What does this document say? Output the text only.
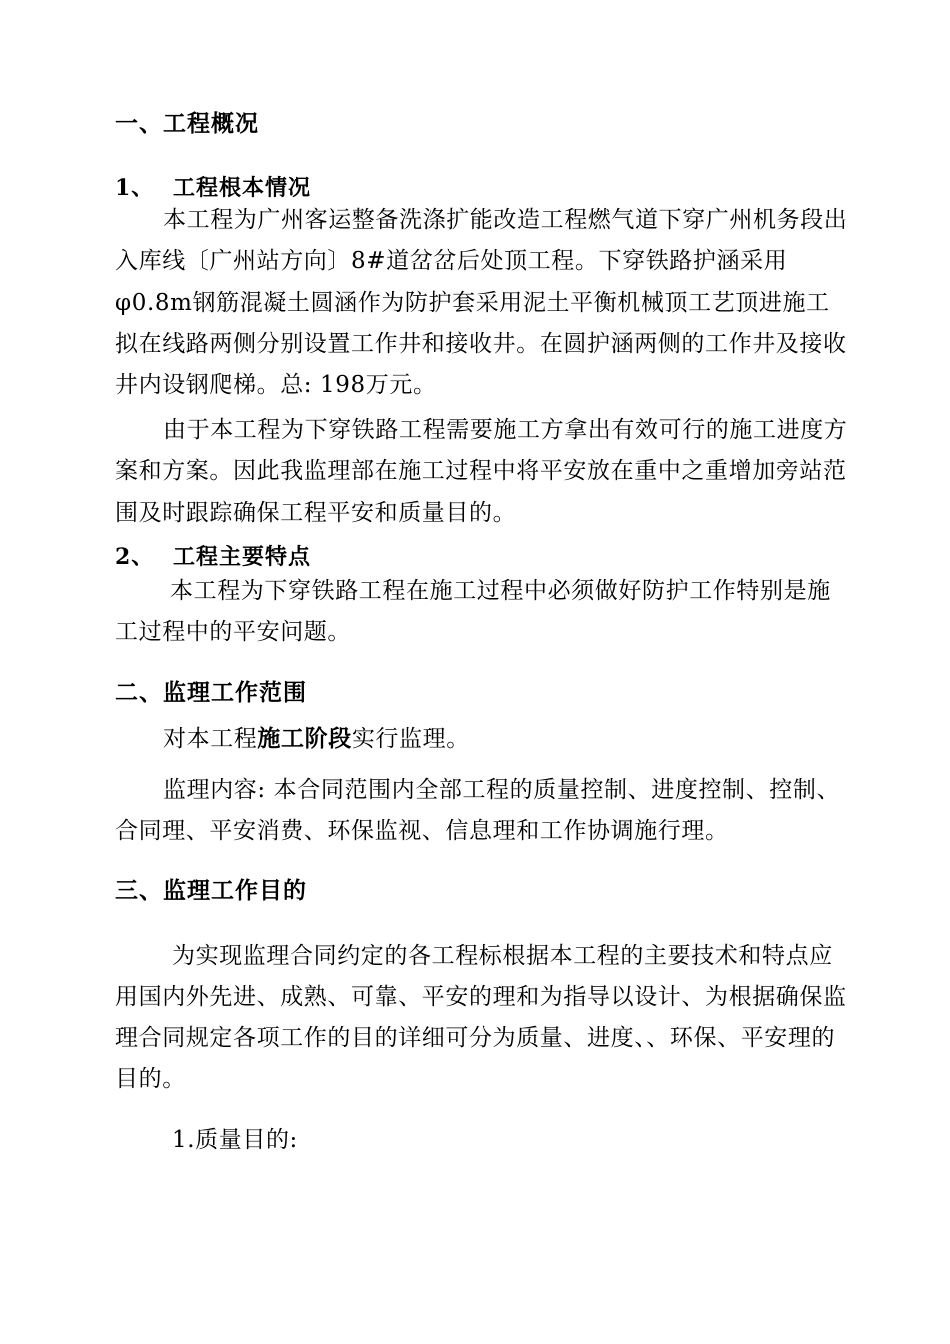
一、工程概况
1、 工程根本情况
本工程为广州客运整备洗涤扩能改造工程燃气道下穿广州机务段出
入库线〔广州站方向〕8#道岔岔后处顶工程。下穿铁路护涵采用
φ0.8m钢筋混凝土圆涵作为防护套采用泥土平衡机械顶工艺顶进施工
拟在线路两侧分别设置工作井和接收井。在圆护涵两侧的工作井及接收
井内设钢爬梯。总: 198万元。
由于本工程为下穿铁路工程需要施工方拿出有效可行的施工进度方
案和方案。因此我监理部在施工过程中将平安放在重中之重增加旁站范
围及时跟踪确保工程平安和质量目的。
2、 工程主要特点
本工程为下穿铁路工程在施工过程中必须做好防护工作特别是施
工过程中的平安问题。
二、监理工作范围
对本工程施工阶段实行监理。
监理内容: 本合同范围内全部工程的质量控制、进度控制、控制、
合同理、平安消费、环保监视、信息理和工作协调施行理。
三、监理工作目的
为实现监理合同约定的各工程标根据本工程的主要技术和特点应
用国内外先进、成熟、可靠、平安的理和为指导以设计、为根据确保监
理合同规定各项工作的目的详细可分为质量、进度、、环保、平安理的
目的。
1.质量目的:
